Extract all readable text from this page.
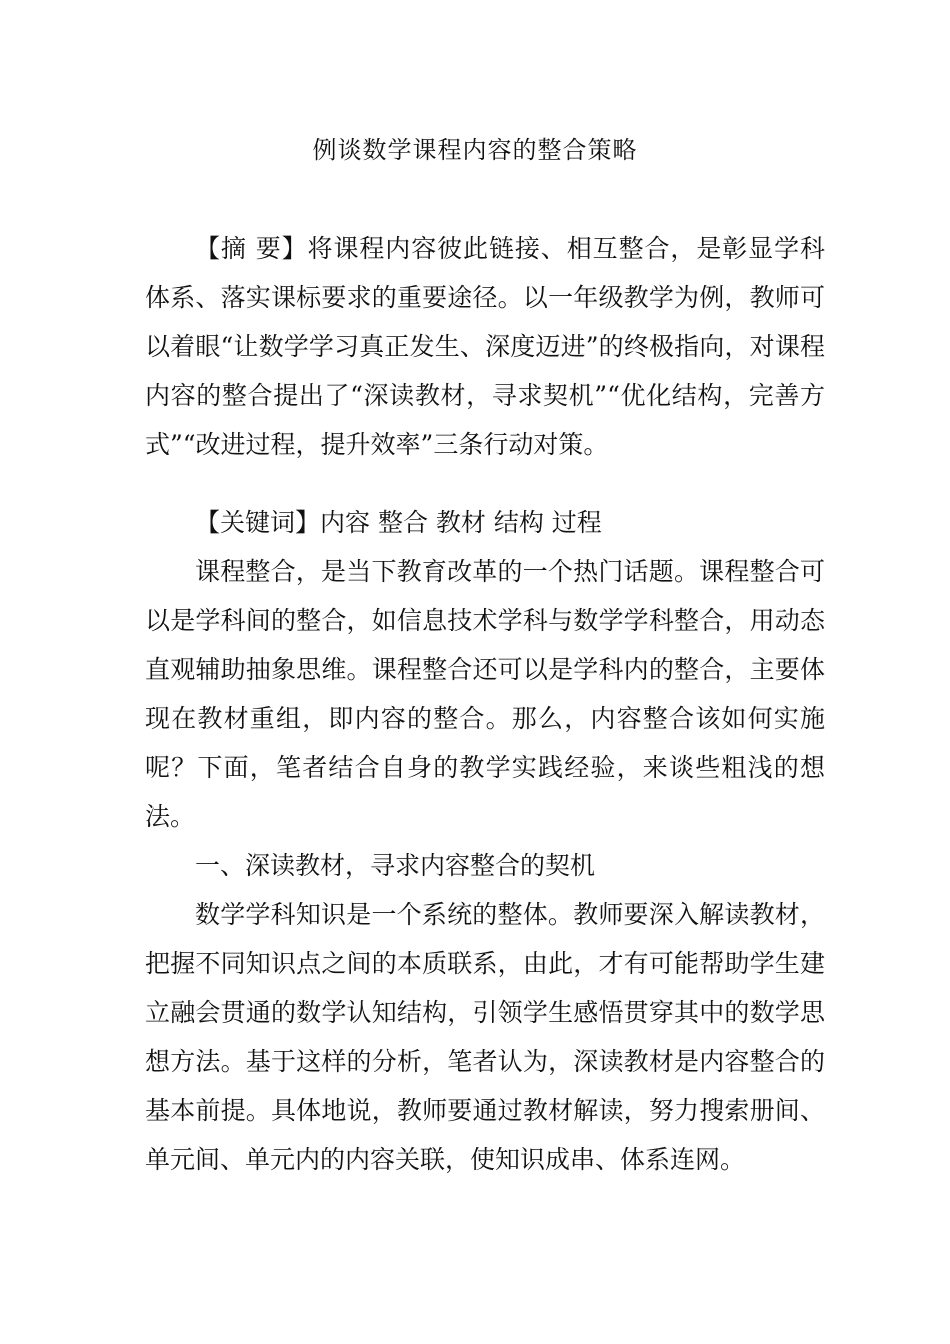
例谈数学课程内容的整合策略

【摘 要】将课程内容彼此链接、相互整合，是彰显学科体系、落实课标要求的重要途径。以一年级教学为例，教师可以着眼“让数学学习真正发生、深度迈进”的终极指向，对课程内容的整合提出了“深读教材，寻求契机”“优化结构，完善方式”“改进过程，提升效率”三条行动对策。

【关键词】内容 整合 教材 结构 过程

课程整合，是当下教育改革的一个热门话题。课程整合可以是学科间的整合，如信息技术学科与数学学科整合，用动态直观辅助抽象思维。课程整合还可以是学科内的整合，主要体现在教材重组，即内容的整合。那么，内容整合该如何实施呢？下面，笔者结合自身的教学实践经验，来谈些粗浅的想法。

一、深读教材，寻求内容整合的契机

数学学科知识是一个系统的整体。教师要深入解读教材，把握不同知识点之间的本质联系，由此，才有可能帮助学生建立融会贯通的数学认知结构，引领学生感悟贯穿其中的数学思想方法。基于这样的分析，笔者认为，深读教材是内容整合的基本前提。具体地说，教师要通过教材解读，努力搜索册间、单元间、单元内的内容关联，使知识成串、体系连网。
